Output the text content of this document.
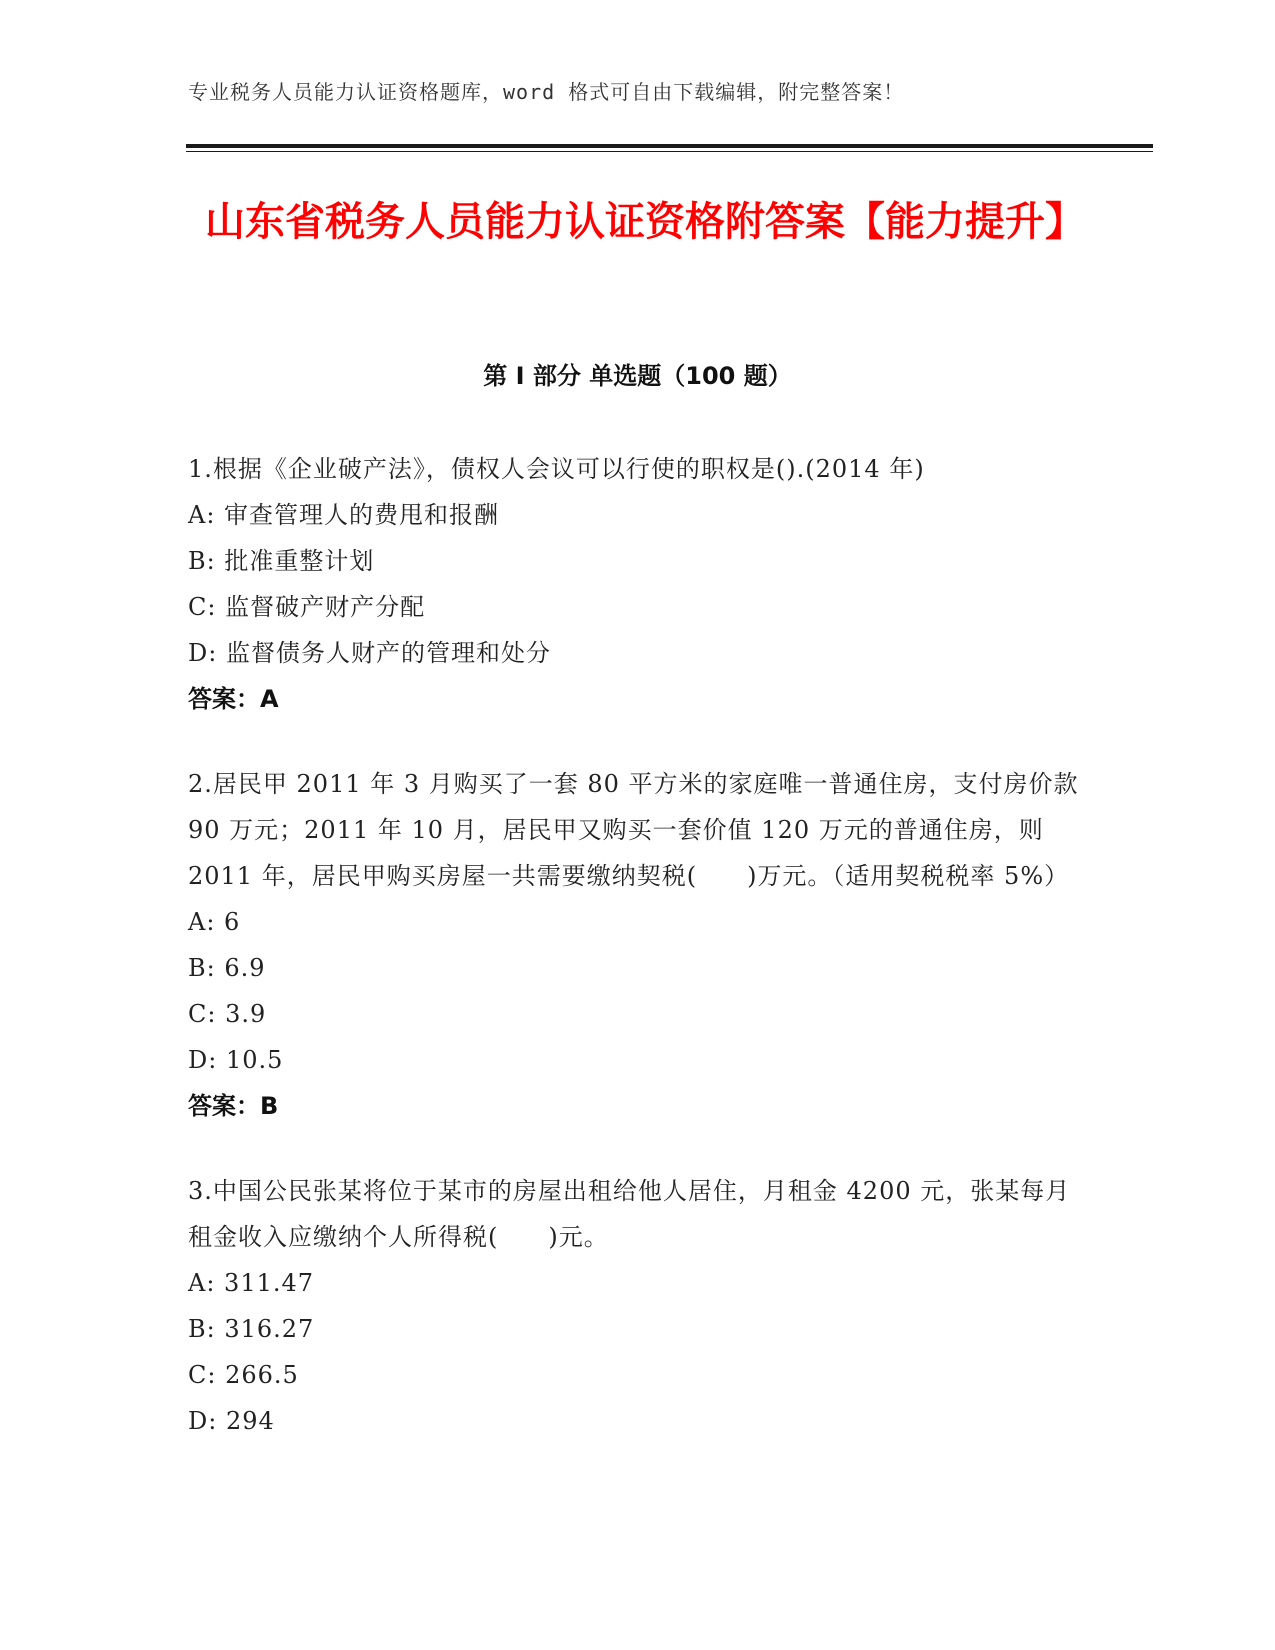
专业税务人员能力认证资格题库，word 格式可自由下载编辑，附完整答案！
山东省税务人员能力认证资格附答案【能力提升】
第 I 部分 单选题（100 题）
1.根据《企业破产法》，债权人会议可以行使的职权是().(2014 年)
A: 审查管理人的费甩和报酬
B: 批准重整计划
C: 监督破产财产分配
D: 监督债务人财产的管理和处分
答案：A
2.居民甲 2011 年 3 月购买了一套 80 平方米的家庭唯一普通住房，支付房价款 90 万元；2011 年 10 月，居民甲又购买一套价值 120 万元的普通住房，则 2011 年，居民甲购买房屋一共需要缴纳契税(　　)万元。（适用契税税率 5%）
A: 6
B: 6.9
C: 3.9
D: 10.5
答案：B
3.中国公民张某将位于某市的房屋出租给他人居住，月租金 4200 元，张某每月租金收入应缴纳个人所得税(　　)元。
A: 311.47
B: 316.27
C: 266.5
D: 294
